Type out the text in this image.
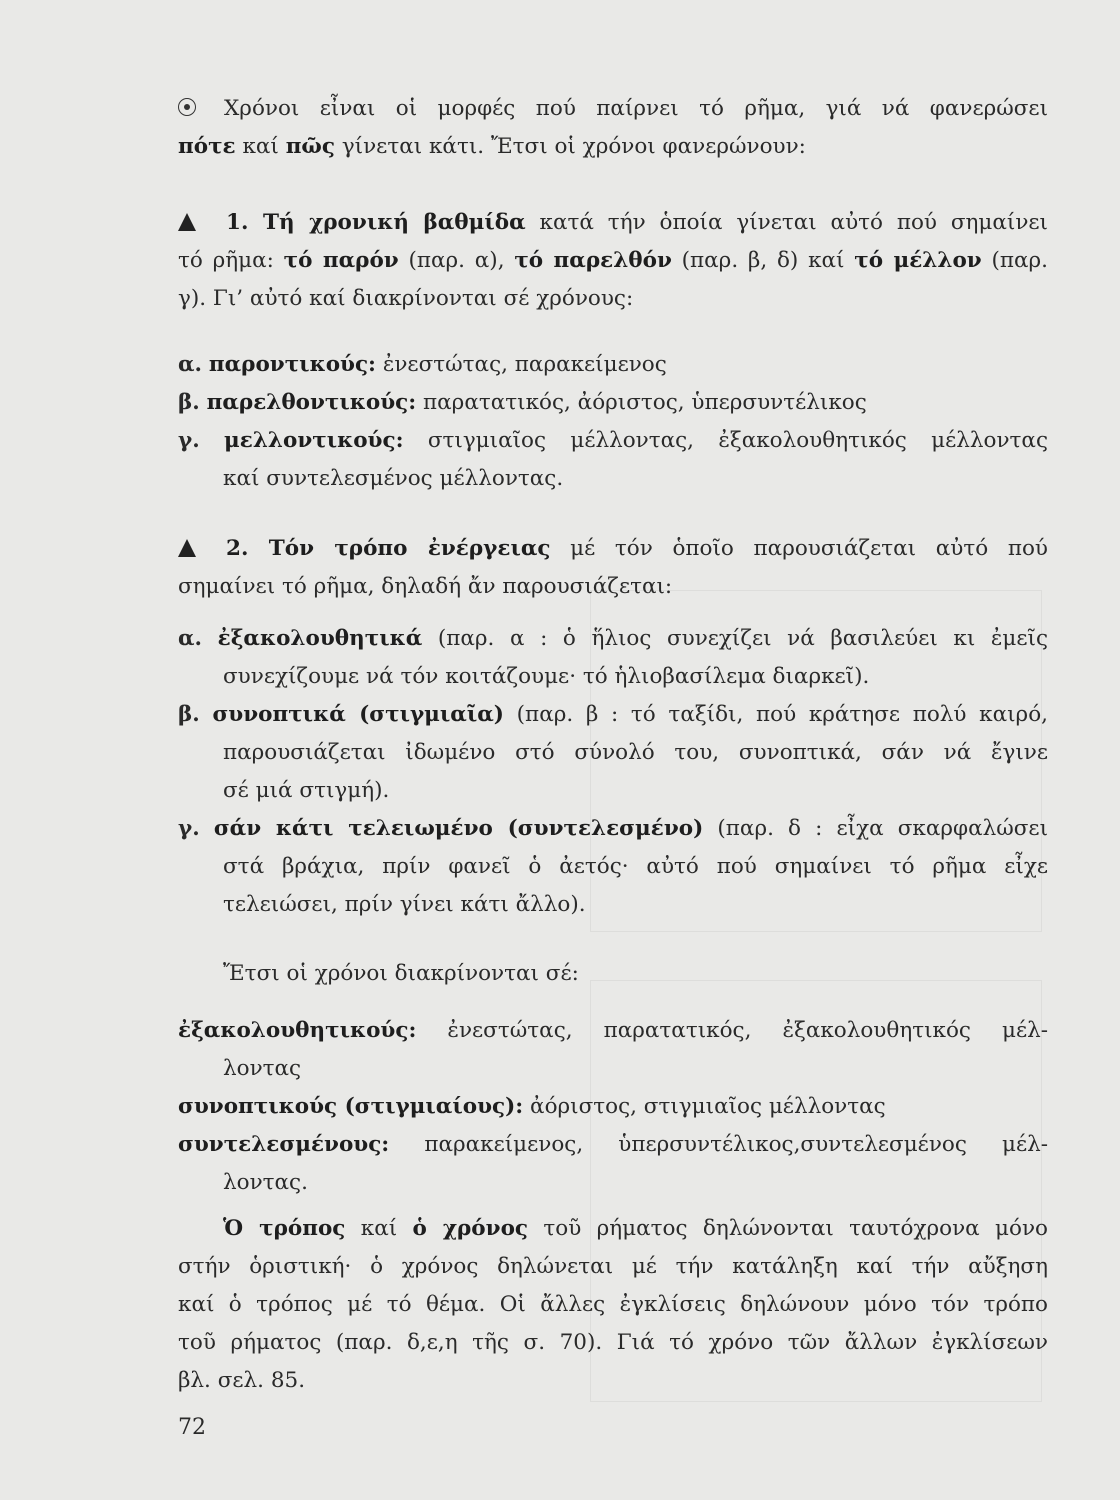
Χρόνοι εἶναι οἱ μορφές πού παίρνει τό ρῆμα, γιά νά φανερώσει
πότε καί πῶς γίνεται κάτι. Ἔτσι οἱ χρόνοι φανερώνουν:
1. Τή χρονική βαθμίδα κατά τήν ὁποία γίνεται αὐτό πού σημαίνει
τό ρῆμα: τό παρόν (παρ. α), τό παρελθόν (παρ. β, δ) καί τό μέλλον (παρ.
γ). Γι’ αὐτό καί διακρίνονται σέ χρόνους:
α. παροντικούς: ἐνεστώτας, παρακείμενος
β. παρελθοντικούς: παρατατικός, ἀόριστος, ὑπερσυντέλικος
γ. μελλοντικούς: στιγμιαῖος μέλλοντας, ἐξακολουθητικός μέλλοντας
καί συντελεσμένος μέλλοντας.
2. Τόν τρόπο ἐνέργειας μέ τόν ὁποῖο παρουσιάζεται αὐτό πού
σημαίνει τό ρῆμα, δηλαδή ἄν παρουσιάζεται:
α. ἐξακολουθητικά (παρ. α : ὁ ἥλιος συνεχίζει νά βασιλεύει κι ἐμεῖς
συνεχίζουμε νά τόν κοιτάζουμε· τό ἡλιοβασίλεμα διαρκεῖ).
β. συνοπτικά (στιγμιαῖα) (παρ. β : τό ταξίδι, πού κράτησε πολύ καιρό,
παρουσιάζεται ἰδωμένο στό σύνολό του, συνοπτικά, σάν νά ἔγινε
σέ μιά στιγμή).
γ. σάν κάτι τελειωμένο (συντελεσμένο) (παρ. δ : εἶχα σκαρφαλώσει
στά βράχια, πρίν φανεῖ ὁ ἀετός· αὐτό πού σημαίνει τό ρῆμα εἶχε
τελειώσει, πρίν γίνει κάτι ἄλλο).
Ἔτσι οἱ χρόνοι διακρίνονται σέ:
ἐξακολουθητικούς: ἐνεστώτας, παρατατικός, ἐξακολουθητικός μέλ-
λοντας
συνοπτικούς (στιγμιαίους): ἀόριστος, στιγμιαῖος μέλλοντας
συντελεσμένους: παρακείμενος, ὑπερσυντέλικος,συντελεσμένος μέλ-
λοντας.
Ὁ τρόπος καί ὁ χρόνος τοῦ ρήματος δηλώνονται ταυτόχρονα μόνο
στήν ὁριστική· ὁ χρόνος δηλώνεται μέ τήν κατάληξη καί τήν αὔξηση
καί ὁ τρόπος μέ τό θέμα. Οἱ ἄλλες ἐγκλίσεις δηλώνουν μόνο τόν τρόπο
τοῦ ρήματος (παρ. δ,ε,η τῆς σ. 70). Γιά τό χρόνο τῶν ἄλλων ἐγκλίσεων
βλ. σελ. 85.
72
